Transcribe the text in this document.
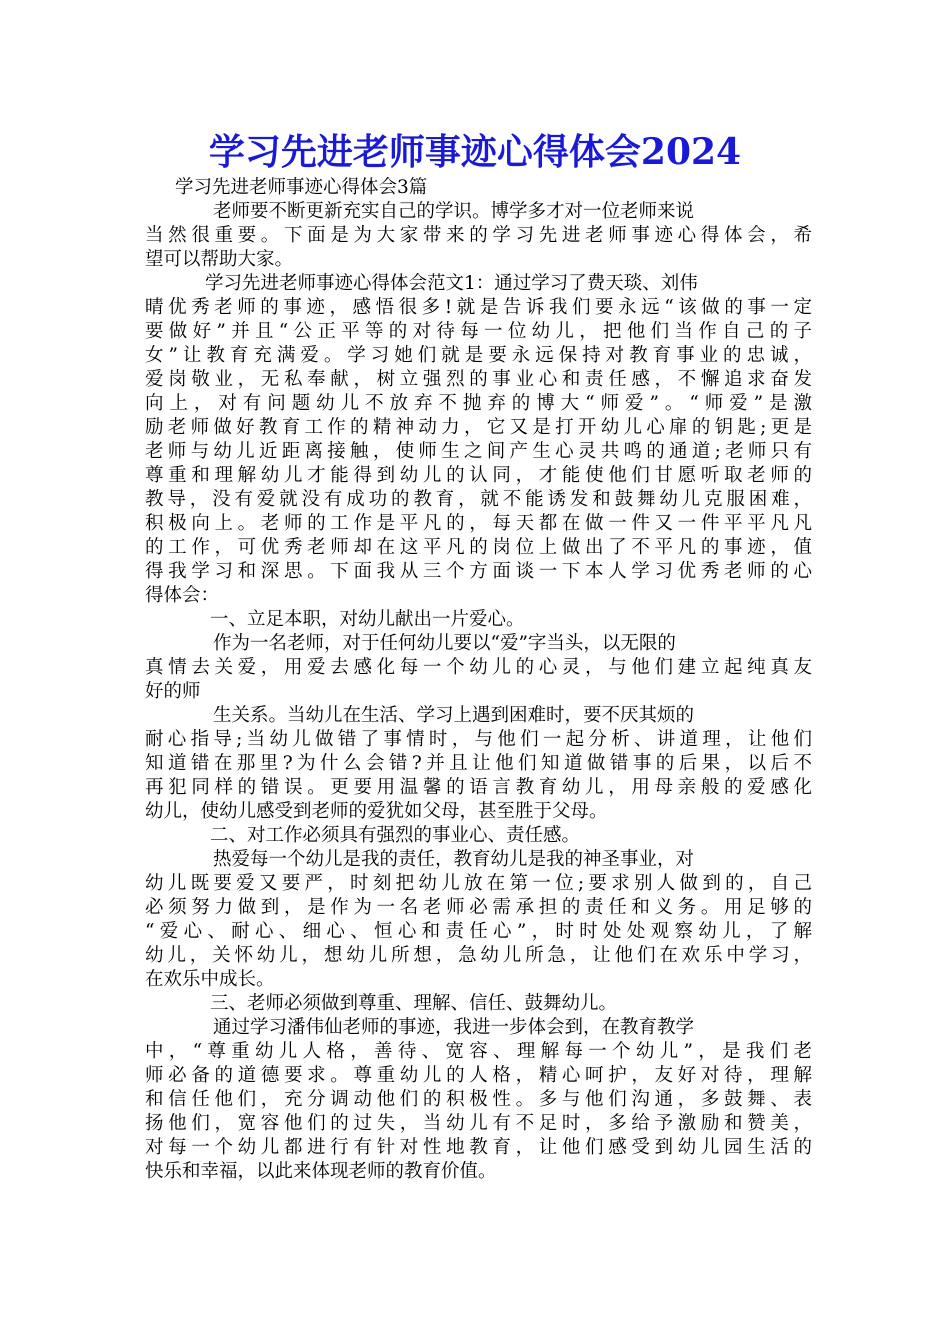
学习先进老师事迹心得体会2024
学习先进老师事迹心得体会3篇
老师要不断更新充实自己的学识。博学多才对一位老师来说
当然很重要。下面是为大家带来的学习先进老师事迹心得体会，希
望可以帮助大家。
学习先进老师事迹心得体会范文1：通过学习了费天琰、刘伟
晴优秀老师的事迹，感悟很多!就是告诉我们要永远“该做的事一定
要做好”并且“公正平等的对待每一位幼儿，把他们当作自己的子
女”让教育充满爱。学习她们就是要永远保持对教育事业的忠诚，
爱岗敬业，无私奉献，树立强烈的事业心和责任感，不懈追求奋发
向上，对有问题幼儿不放弃不抛弃的博大“师爱”。“师爱”是激
励老师做好教育工作的精神动力，它又是打开幼儿心扉的钥匙;更是
老师与幼儿近距离接触，使师生之间产生心灵共鸣的通道;老师只有
尊重和理解幼儿才能得到幼儿的认同，才能使他们甘愿听取老师的
教导，没有爱就没有成功的教育，就不能诱发和鼓舞幼儿克服困难，
积极向上。老师的工作是平凡的，每天都在做一件又一件平平凡凡
的工作，可优秀老师却在这平凡的岗位上做出了不平凡的事迹，值
得我学习和深思。下面我从三个方面谈一下本人学习优秀老师的心
得体会：
一、立足本职，对幼儿献出一片爱心。
作为一名老师，对于任何幼儿要以“爱”字当头，以无限的
真情去关爱，用爱去感化每一个幼儿的心灵，与他们建立起纯真友
好的师
生关系。当幼儿在生活、学习上遇到困难时，要不厌其烦的
耐心指导;当幼儿做错了事情时，与他们一起分析、讲道理，让他们
知道错在那里?为什么会错?并且让他们知道做错事的后果，以后不
再犯同样的错误。更要用温馨的语言教育幼儿，用母亲般的爱感化
幼儿，使幼儿感受到老师的爱犹如父母，甚至胜于父母。
二、对工作必须具有强烈的事业心、责任感。
热爱每一个幼儿是我的责任，教育幼儿是我的神圣事业，对
幼儿既要爱又要严，时刻把幼儿放在第一位;要求别人做到的，自己
必须努力做到，是作为一名老师必需承担的责任和义务。用足够的
“爱心、耐心、细心、恒心和责任心”，时时处处观察幼儿，了解
幼儿，关怀幼儿，想幼儿所想，急幼儿所急，让他们在欢乐中学习，
在欢乐中成长。
三、老师必须做到尊重、理解、信任、鼓舞幼儿。
通过学习潘伟仙老师的事迹，我进一步体会到，在教育教学
中，“尊重幼儿人格，善待、宽容、理解每一个幼儿”，是我们老
师必备的道德要求。尊重幼儿的人格，精心呵护，友好对待，理解
和信任他们，充分调动他们的积极性。多与他们沟通，多鼓舞、表
扬他们，宽容他们的过失，当幼儿有不足时，多给予激励和赞美，
对每一个幼儿都进行有针对性地教育，让他们感受到幼儿园生活的
快乐和幸福，以此来体现老师的教育价值。
